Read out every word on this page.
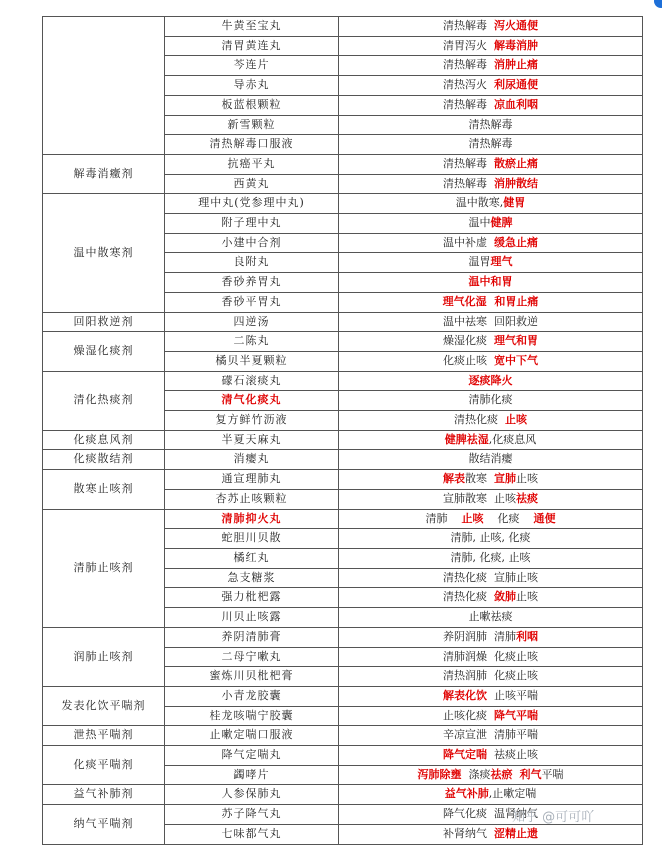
	牛黄至宝丸	清热解毒  泻火通便
	清胃黄连丸	清胃泻火  解毒消肿
	芩连片	清热解毒  消肿止痛
	导赤丸	清热泻火  利尿通便
	板蓝根颗粒	清热解毒  凉血利咽
	新雪颗粒	清热解毒
	清热解毒口服液	清热解毒
解毒消癥剂	抗癌平丸	清热解毒  散瘀止痛
	西黄丸	清热解毒  消肿散结
温中散寒剂	理中丸(党参理中丸)	温中散寒,健胃
	附子理中丸	温中健脾
	小建中合剂	温中补虚  缓急止痛
	良附丸	温胃理气
	香砂养胃丸	温中和胃
	香砂平胃丸	理气化湿  和胃止痛
回阳救逆剂	四逆汤	温中祛寒  回阳救逆
燥湿化痰剂	二陈丸	燥湿化痰  理气和胃
	橘贝半夏颗粒	化痰止咳  宽中下气
清化热痰剂	礞石滚痰丸	逐痰降火
	清气化痰丸	清肺化痰
	复方鲜竹沥液	清热化痰  止咳
化痰息风剂	半夏天麻丸	健脾祛湿,化痰息风
化痰散结剂	消瘿丸	散结消瘿
散寒止咳剂	通宣理肺丸	解表散寒  宣肺止咳
	杏苏止咳颗粒	宣肺散寒  止咳祛痰
清肺止咳剂	清肺抑火丸	清肺    止咳    化痰    通便
	蛇胆川贝散	清肺, 止咳, 化痰
	橘红丸	清肺, 化痰, 止咳
	急支糖浆	清热化痰  宣肺止咳
	强力枇杷露	清热化痰  敛肺止咳
	川贝止咳露	止嗽祛痰
润肺止咳剂	养阴清肺膏	养阴润肺  清肺利咽
	二母宁嗽丸	清肺润燥  化痰止咳
	蜜炼川贝枇杷膏	清热润肺  化痰止咳
发表化饮平喘剂	小青龙胶囊	解表化饮  止咳平喘
	桂龙咳喘宁胶囊	止咳化痰  降气平喘
泄热平喘剂	止嗽定喘口服液	辛凉宣泄  清肺平喘
化痰平喘剂	降气定喘丸	降气定喘  祛痰止咳
	蠲哮片	泻肺除壅  涤痰祛瘀 利气平喘
益气补肺剂	人参保肺丸	益气补肺,止嗽定喘
纳气平喘剂	苏子降气丸	降气化痰  温肾纳气
	七味都气丸	补肾纳气  涩精止遗
知乎 @可可吖
